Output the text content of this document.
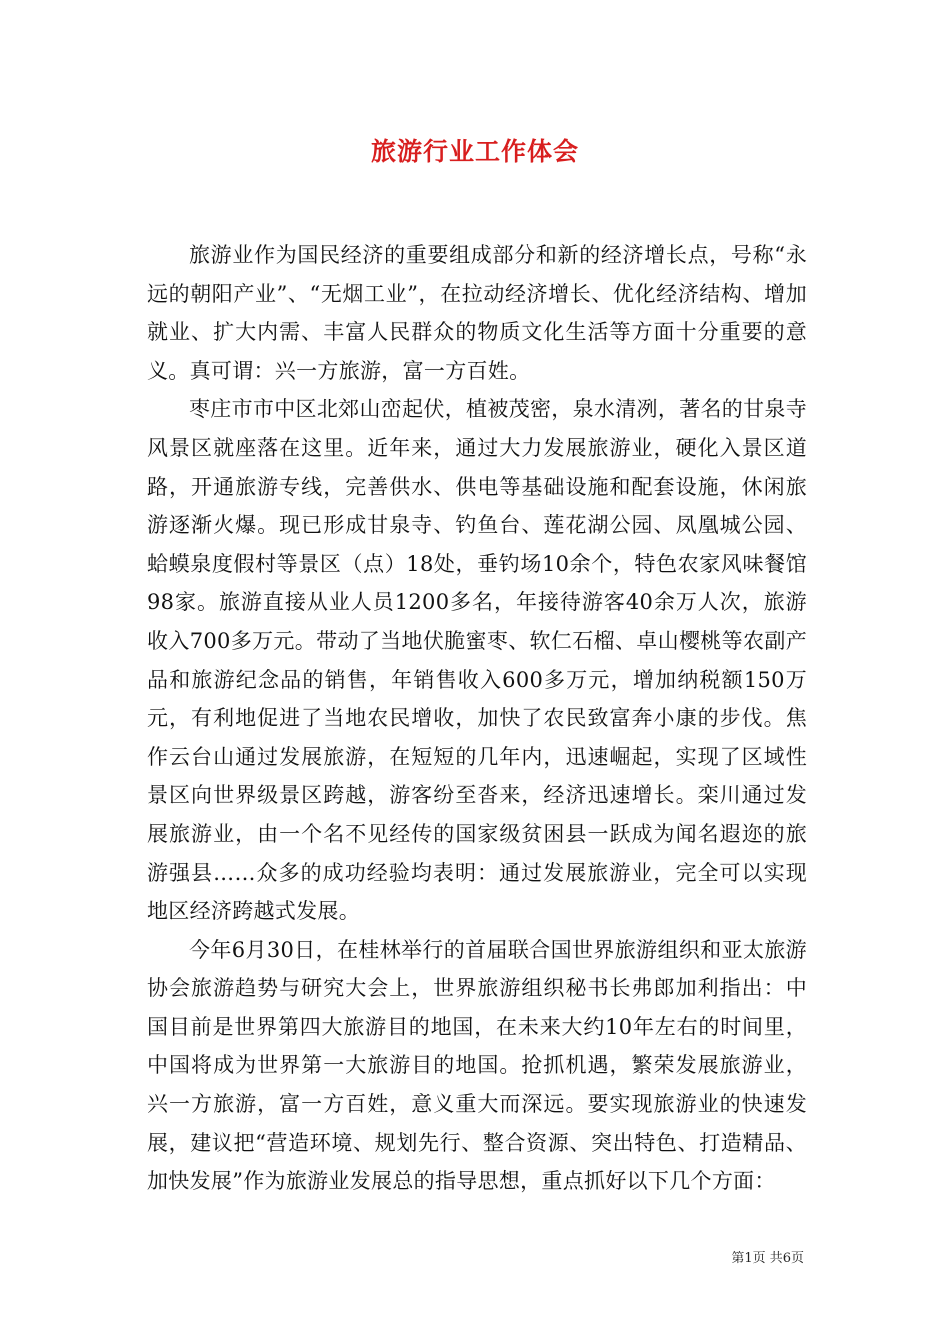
旅游行业工作体会

旅游业作为国民经济的重要组成部分和新的经济增长点，号称“永远的朝阳产业”、“无烟工业”，在拉动经济增长、优化经济结构、增加就业、扩大内需、丰富人民群众的物质文化生活等方面十分重要的意义。真可谓：兴一方旅游，富一方百姓。

枣庄市市中区北郊山峦起伏，植被茂密，泉水清冽，著名的甘泉寺风景区就座落在这里。近年来，通过大力发展旅游业，硬化入景区道路，开通旅游专线，完善供水、供电等基础设施和配套设施，休闲旅游逐渐火爆。现已形成甘泉寺、钓鱼台、莲花湖公园、凤凰城公园、蛤蟆泉度假村等景区（点）18处，垂钓场10余个，特色农家风味餐馆98家。旅游直接从业人员1200多名，年接待游客40余万人次，旅游收入700多万元。带动了当地伏脆蜜枣、软仁石榴、卓山樱桃等农副产品和旅游纪念品的销售，年销售收入600多万元，增加纳税额150万元，有利地促进了当地农民增收，加快了农民致富奔小康的步伐。焦作云台山通过发展旅游，在短短的几年内，迅速崛起，实现了区域性景区向世界级景区跨越，游客纷至沓来，经济迅速增长。栾川通过发展旅游业，由一个名不见经传的国家级贫困县一跃成为闻名遐迩的旅游强县……众多的成功经验均表明：通过发展旅游业，完全可以实现地区经济跨越式发展。

今年6月30日，在桂林举行的首届联合国世界旅游组织和亚太旅游协会旅游趋势与研究大会上，世界旅游组织秘书长弗郎加利指出：中国目前是世界第四大旅游目的地国，在未来大约10年左右的时间里，中国将成为世界第一大旅游目的地国。抢抓机遇，繁荣发展旅游业，兴一方旅游，富一方百姓，意义重大而深远。要实现旅游业的快速发展，建议把“营造环境、规划先行、整合资源、突出特色、打造精品、加快发展”作为旅游业发展总的指导思想，重点抓好以下几个方面：

第1页 共6页
